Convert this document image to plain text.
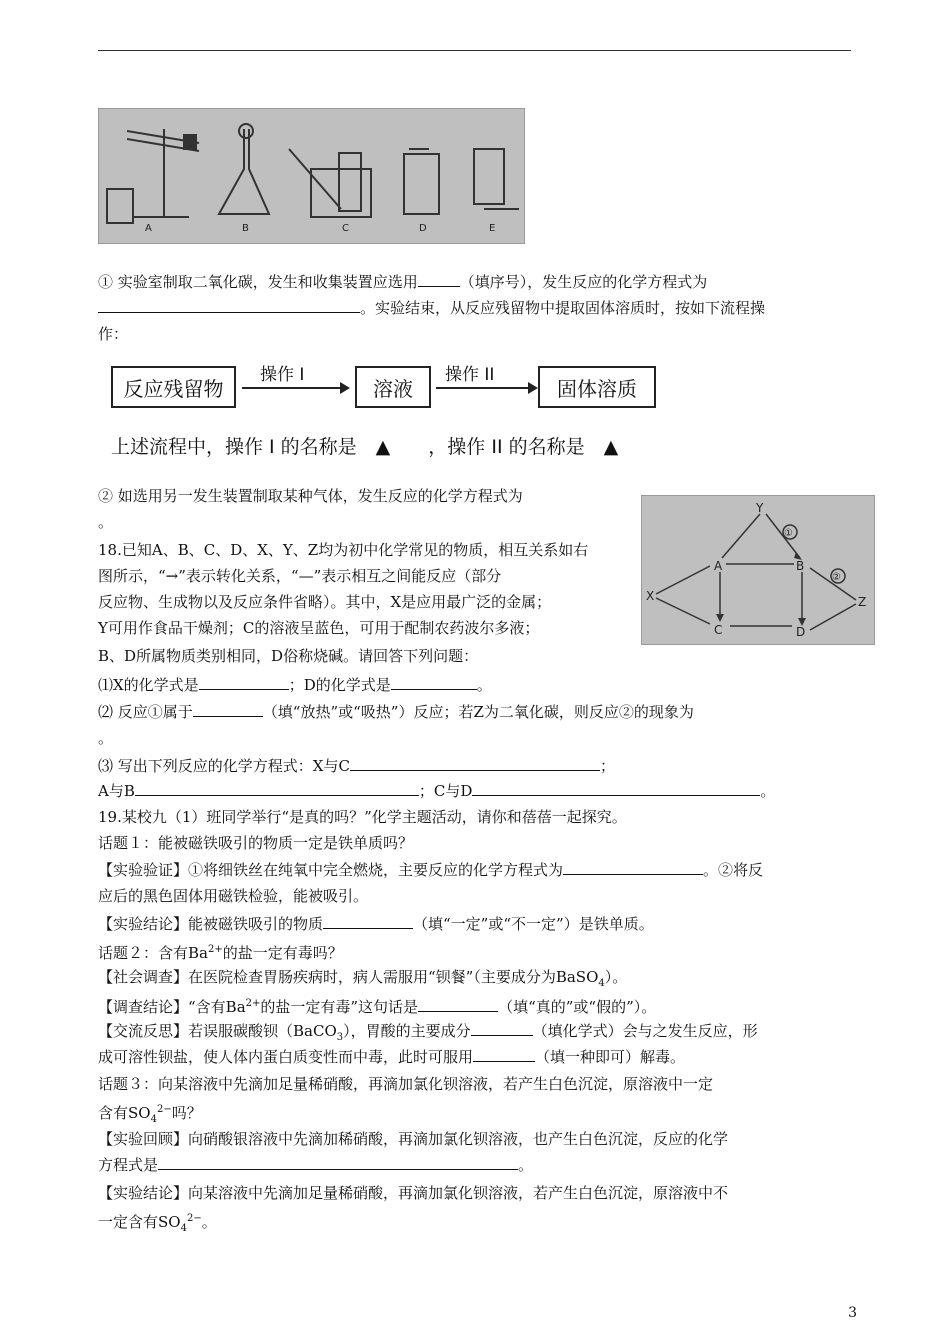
A	B	C	D	E
① 实验室制取二氧化碳，发生和收集装置应选用	（填序号），发生反应的化学方程式为
。实验结束，从反应残留物中提取固体溶质时，按如下流程操
作：
反应残留物
操作 I
溶液
操作 II
固体溶质
上述流程中，操作 I 的名称是　▲　　，操作 II 的名称是　▲
② 如选用另一发生装置制取某种气体，发生反应的化学方程式为
。
Y
A	B
X
C	D
Z
①
②
18.已知A、B、C、D、X、Y、Z均为初中化学常见的物质，相互关系如右
图所示，“→”表示转化关系，“—”表示相互之间能反应（部分
反应物、生成物以及反应条件省略）。其中，X是应用最广泛的金属；
Y可用作食品干燥剂；C的溶液呈蓝色，可用于配制农药波尔多液；
B、D所属物质类别相同，D俗称烧碱。请回答下列问题：
⑴X的化学式是	；D的化学式是	。
⑵ 反应①属于	（填“放热”或“吸热”）反应；若Z为二氧化碳，则反应②的现象为
。
⑶ 写出下列反应的化学方程式：X与C	；
A与B	；C与D	。
19.某校九（1）班同学举行“是真的吗？”化学主题活动，请你和蓓蓓一起探究。
话题１：能被磁铁吸引的物质一定是铁单质吗？
【实验验证】①将细铁丝在纯氧中完全燃烧，主要反应的化学方程式为	。②将反
应后的黑色固体用磁铁检验，能被吸引。
【实验结论】能被磁铁吸引的物质	（填“一定”或“不一定”）是铁单质。
话题２：含有$Ba^{2+}$的盐一定有毒吗？
【社会调查】在医院检查胃肠疾病时，病人需服用“钡餐”（主要成分为BaSO$_4$）。
【调查结论】“含有$Ba^{2+}$的盐一定有毒”这句话是	（填“真的”或“假的”）。
【交流反思】若误服碳酸钡（BaCO$_3$），胃酸的主要成分	（填化学式）会与之发生反应，形
成可溶性钡盐，使人体内蛋白质变性而中毒，此时可服用	（填一种即可）解毒。
话题３：向某溶液中先滴加足量稀硝酸，再滴加氯化钡溶液，若产生白色沉淀，原溶液中一定
含有$SO_4^{2-}$吗？
【实验回顾】向硝酸银溶液中先滴加稀硝酸，再滴加氯化钡溶液，也产生白色沉淀，反应的化学
方程式是	。
【实验结论】向某溶液中先滴加足量稀硝酸，再滴加氯化钡溶液，若产生白色沉淀，原溶液中不
一定含有$SO_4^{2-}$。
3
